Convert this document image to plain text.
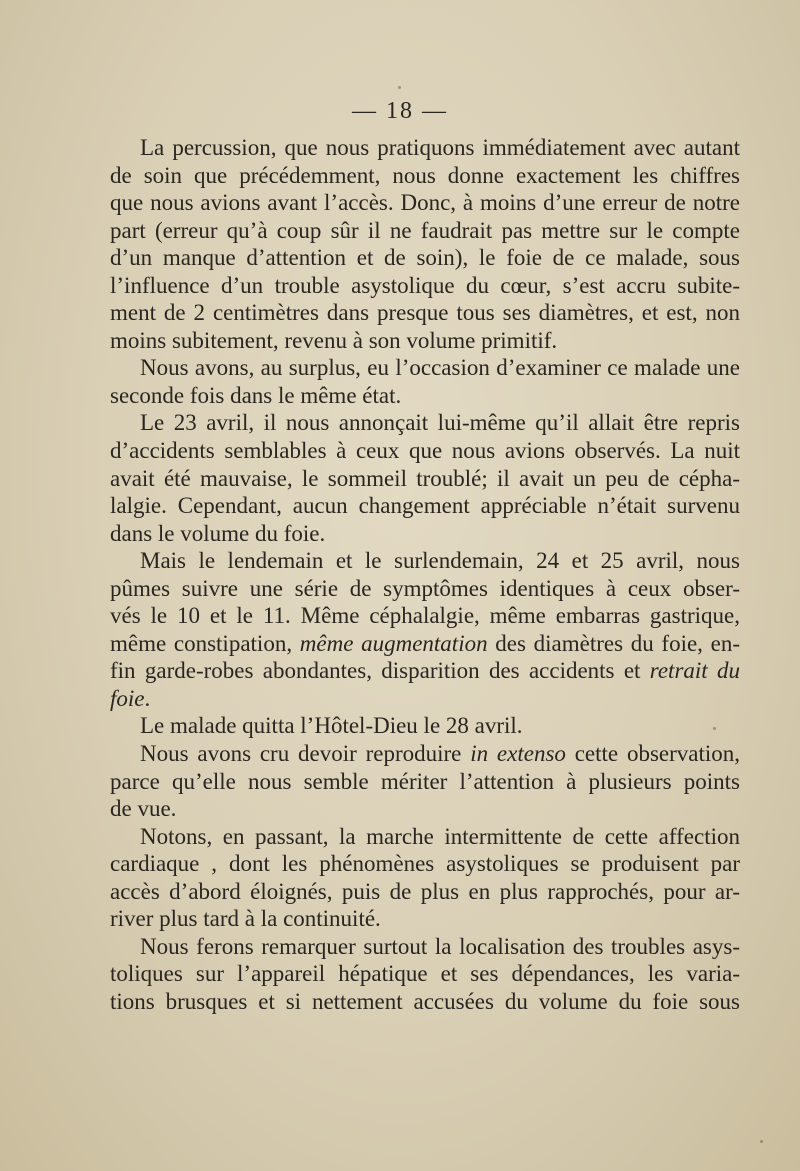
— 18 —
La percussion, que nous pratiquons immédiatement avec autant
de soin que précédemment, nous donne exactement les chiffres
que nous avions avant l’accès. Donc, à moins d’une erreur de notre
part (erreur qu’à coup sûr il ne faudrait pas mettre sur le compte
d’un manque d’attention et de soin), le foie de ce malade, sous
l’influence d’un trouble asystolique du cœur, s’est accru subite-
ment de 2 centimètres dans presque tous ses diamètres, et est, non
moins subitement, revenu à son volume primitif.
Nous avons, au surplus, eu l’occasion d’examiner ce malade une
seconde fois dans le même état.
Le 23 avril, il nous annonçait lui-même qu’il allait être repris
d’accidents semblables à ceux que nous avions observés. La nuit
avait été mauvaise, le sommeil troublé; il avait un peu de cépha-
lalgie. Cependant, aucun changement appréciable n’était survenu
dans le volume du foie.
Mais le lendemain et le surlendemain, 24 et 25 avril, nous
pûmes suivre une série de symptômes identiques à ceux obser-
vés le 10 et le 11. Même céphalalgie, même embarras gastrique,
même constipation, même augmentation des diamètres du foie, en-
fin garde-robes abondantes, disparition des accidents et retrait du
foie.
Le malade quitta l’Hôtel-Dieu le 28 avril.
Nous avons cru devoir reproduire in extenso cette observation,
parce qu’elle nous semble mériter l’attention à plusieurs points
de vue.
Notons, en passant, la marche intermittente de cette affection
cardiaque , dont les phénomènes asystoliques se produisent par
accès d’abord éloignés, puis de plus en plus rapprochés, pour ar-
river plus tard à la continuité.
Nous ferons remarquer surtout la localisation des troubles asys-
toliques sur l’appareil hépatique et ses dépendances, les varia-
tions brusques et si nettement accusées du volume du foie sous
